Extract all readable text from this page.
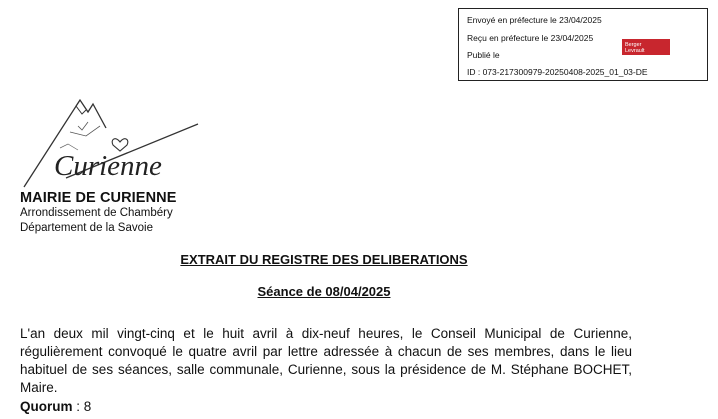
Envoyé en préfecture le 23/04/2025
Reçu en préfecture le 23/04/2025
Publié le
ID : 073-217300979-20250408-2025_01_03-DE
Berger
Levrault
Curienne
MAIRIE DE CURIENNE
Arrondissement de Chambéry
Département de la Savoie
EXTRAIT DU REGISTRE DES DELIBERATIONS
Séance de 08/04/2025
L'an deux mil vingt-cinq et le huit avril à dix-neuf heures, le Conseil Municipal de Curienne, régulièrement convoqué le quatre avril par lettre adressée à chacun de ses membres, dans le lieu habituel de ses séances, salle communale, Curienne, sous la présidence de M. Stéphane BOCHET, Maire.
Quorum : 8
